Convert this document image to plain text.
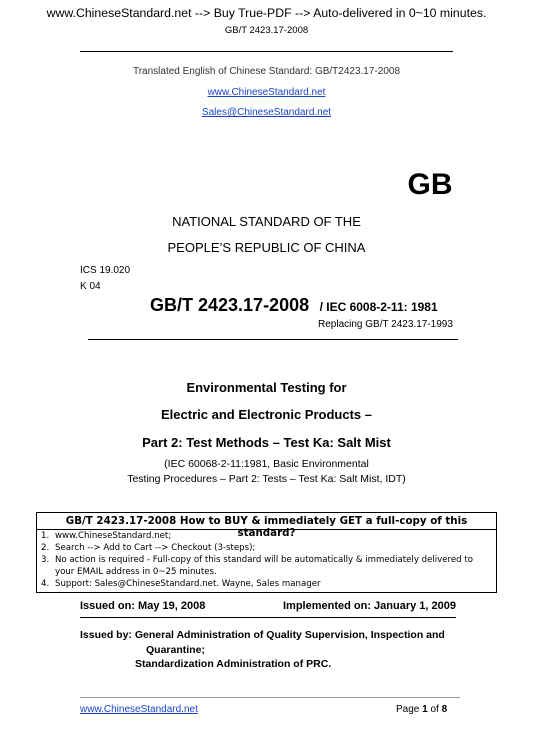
www.ChineseStandard.net --> Buy True-PDF --> Auto-delivered in 0~10 minutes.
GB/T 2423.17-2008
Translated English of Chinese Standard: GB/T2423.17-2008
www.ChineseStandard.net
Sales@ChineseStandard.net
GB
NATIONAL STANDARD OF THE
PEOPLE’S REPUBLIC OF CHINA
ICS 19.020
K 04
GB/T 2423.17-2008 / IEC 6008-2-11: 1981
Replacing GB/T 2423.17-1993
Environmental Testing for
Electric and Electronic Products –
Part 2: Test Methods – Test Ka: Salt Mist
(IEC 60068-2-11:1981, Basic Environmental
Testing Procedures – Part 2: Tests – Test Ka: Salt Mist, IDT)
GB/T 2423.17-2008 How to BUY & immediately GET a full-copy of this standard?
1. www.ChineseStandard.net;
2. Search --> Add to Cart --> Checkout (3-steps);
3. No action is required - Full-copy of this standard will be automatically & immediately delivered to
your EMAIL address in 0~25 minutes.
4. Support: Sales@ChineseStandard.net. Wayne, Sales manager
Issued on: May 19, 2008	Implemented on: January 1, 2009
Issued by: General Administration of Quality Supervision, Inspection and
Quarantine;
Standardization Administration of PRC.
www.ChineseStandard.net	Page 1 of 8
